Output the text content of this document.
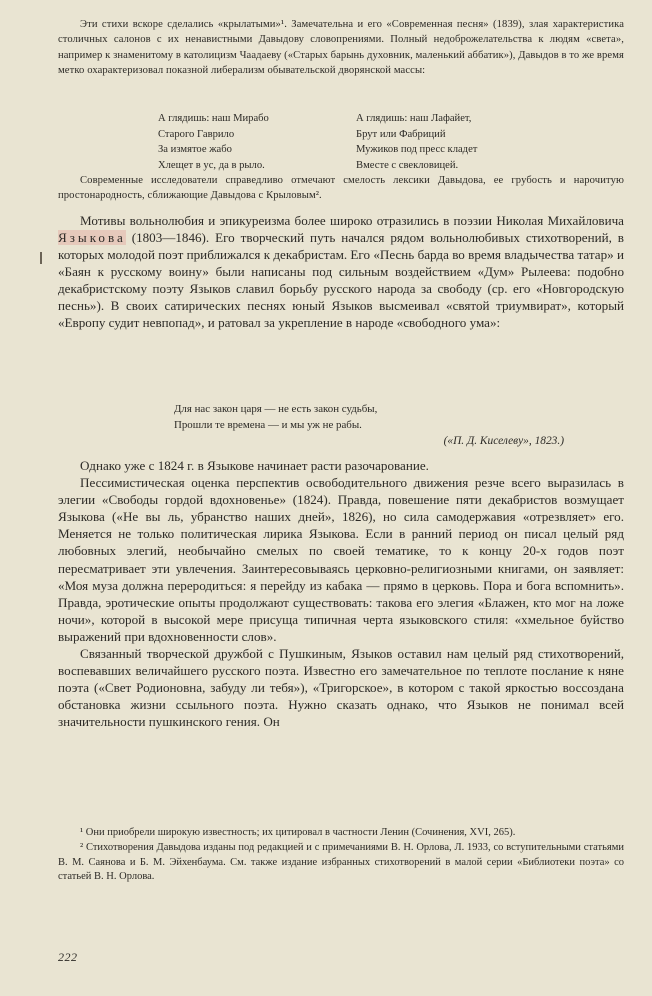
Эти стихи вскоре сделались «крылатыми»¹. Замечательна и его «Современная песня» (1839), злая характеристика столичных салонов с их ненавистными Давыдову словопрениями. Полный недоброжелательства к людям «света», например к знаменитому в католицизм Чаадаеву («Старых барынь духовник, маленький аббатик»), Давыдов в то же время метко охарактеризовал показной либерализм обывательской дворянской массы:

А глядишь: наш Мирабо	А глядишь: наш Лафайет,
Старого Гаврило	Брут или Фабриций
За измятое жабо	Мужиков под пресс кладет
Хлещет в ус, да в рыло.	Вместе с свекловицей.

Современные исследователи справедливо отмечают смелость лексики Давыдова, ее грубость и нарочитую простонародность, сближающие Давыдова с Крыловым².

Мотивы вольнолюбия и эпикуреизма более широко отразились в поэзии Николая Михайловича Языкова (1803—1846). Его творческий путь начался рядом вольнолюбивых стихотворений, в которых молодой поэт приближался к декабристам. Его «Песнь барда во время владычества татар» и «Баян к русскому воину» были написаны под сильным воздействием «Дум» Рылеева: подобно декабристскому поэту Языков славил борьбу русского народа за свободу (ср. его «Новгородскую песнь»). В своих сатирических песнях юный Языков высмеивал «святой триумвират», который «Европу судит невпопад», и ратовал за укрепление в народе «свободного ума»:

Для нас закон царя — не есть закон судьбы,
Прошли те времена — и мы уж не рабы.
(«П. Д. Киселеву», 1823.)

Однако уже с 1824 г. в Языкове начинает расти разочарование.

Пессимистическая оценка перспектив освободительного движения резче всего выразилась в элегии «Свободы гордой вдохновенье» (1824). Правда, повешение пяти декабристов возмущает Языкова («Не вы ль, убранство наших дней», 1826), но сила самодержавия «отрезвляет» его. Меняется не только политическая лирика Языкова. Если в ранний период он писал целый ряд любовных элегий, необычайно смелых по своей тематике, то к концу 20-х годов поэт пересматривает эти увлечения. Заинтересовываясь церковно-религиозными книгами, он заявляет: «Моя муза должна переродиться: я перейду из кабака — прямо в церковь. Пора и бога вспомнить». Правда, эротические опыты продолжают существовать: такова его элегия «Блажен, кто мог на ложе ночи», которой в высокой мере присуща типичная черта языковского стиля: «хмельное буйство выражений при вдохновенности слов».

Связанный творческой дружбой с Пушкиным, Языков оставил нам целый ряд стихотворений, воспевавших величайшего русского поэта. Известно его замечательное по теплоте послание к няне поэта («Свет Родионовна, забуду ли тебя»), «Тригорское», в котором с такой яркостью воссоздана обстановка жизни ссыльного поэта. Нужно сказать однако, что Языков не понимал всей значительности пушкинского гения. Он

¹ Они приобрели широкую известность; их цитировал в частности Ленин (Сочинения, XVI, 265).

² Стихотворения Давыдова изданы под редакцией и с примечаниями В. Н. Орлова, Л. 1933, со вступительными статьями В. М. Саянова и Б. М. Эйхенбаума. См. также издание избранных стихотворений в малой серии «Библиотеки поэта» со статьей В. Н. Орлова.

222
